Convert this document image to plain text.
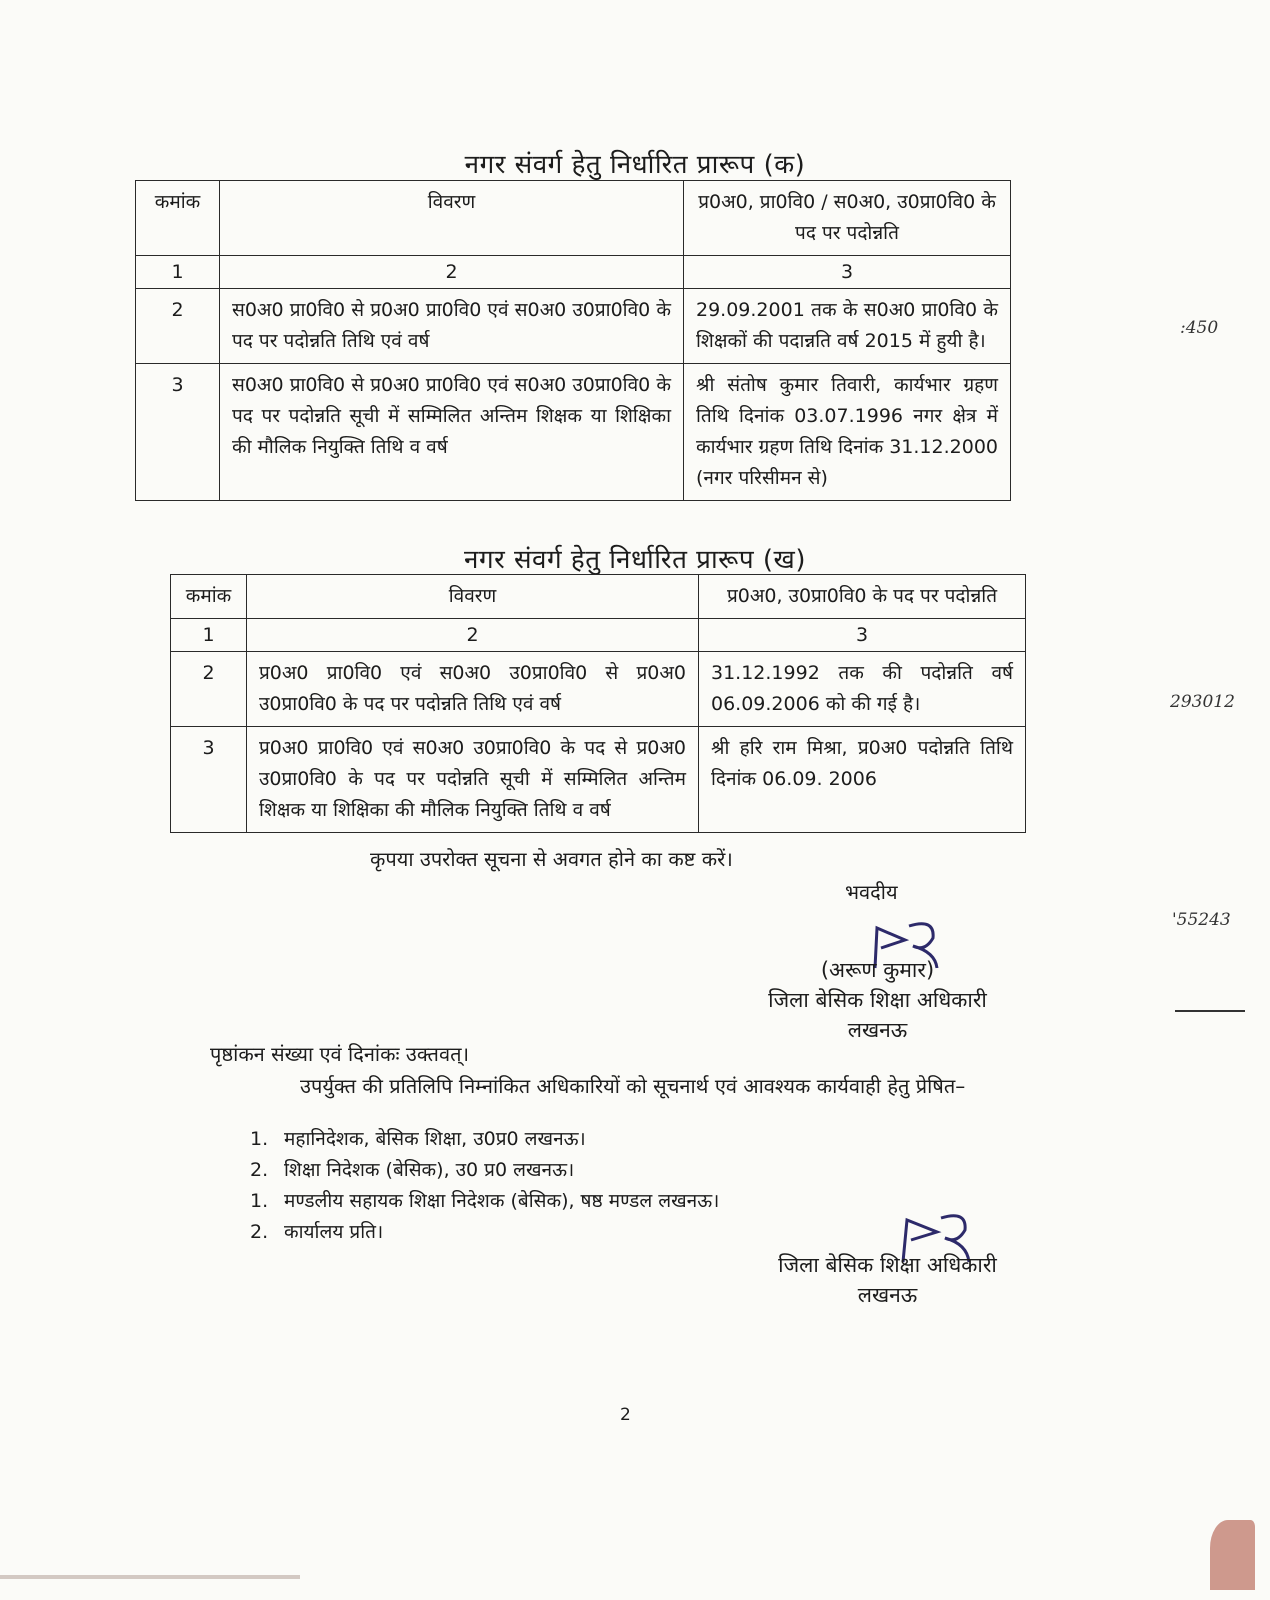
नगर संवर्ग हेतु निर्धारित प्रारूप (क)
कमांक	विवरण	प्र0अ0, प्रा0वि0 / स0अ0, उ0प्रा0वि0 के पद पर पदोन्नति
1	2	3
2	स0अ0 प्रा0वि0 से प्र0अ0 प्रा0वि0 एवं स0अ0 उ0प्रा0वि0 के पद पर पदोन्नति तिथि एवं वर्ष	29.09.2001 तक के स0अ0 प्रा0वि0 के शिक्षकों की पदान्नति वर्ष 2015 में हुयी है।
3	स0अ0 प्रा0वि0 से प्र0अ0 प्रा0वि0 एवं स0अ0 उ0प्रा0वि0 के पद पर पदोन्नति सूची में सम्मिलित अन्तिम शिक्षक या शिक्षिका की मौलिक नियुक्ति तिथि व वर्ष	श्री संतोष कुमार तिवारी, कार्यभार ग्रहण तिथि दिनांक 03.07.1996 नगर क्षेत्र में कार्यभार ग्रहण तिथि दिनांक 31.12.2000 (नगर परिसीमन से)
नगर संवर्ग हेतु निर्धारित प्रारूप (ख)
कमांक	विवरण	प्र0अ0, उ0प्रा0वि0 के पद पर पदोन्नति
1	2	3
2	प्र0अ0 प्रा0वि0 एवं स0अ0 उ0प्रा0वि0 से प्र0अ0 उ0प्रा0वि0 के पद पर पदोन्नति तिथि एवं वर्ष	31.12.1992 तक की पदोन्नति वर्ष 06.09.2006 को की गई है।
3	प्र0अ0 प्रा0वि0 एवं स0अ0 उ0प्रा0वि0 के पद से प्र0अ0 उ0प्रा0वि0 के पद पर पदोन्नति सूची में सम्मिलित अन्तिम शिक्षक या शिक्षिका की मौलिक नियुक्ति तिथि व वर्ष	श्री हरि राम मिश्रा, प्र0अ0 पदोन्नति तिथि दिनांक 06.09. 2006
कृपया उपरोक्त सूचना से अवगत होने का कष्ट करें।
भवदीय
(अरूण कुमार)
जिला बेसिक शिक्षा अधिकारी
लखनऊ
पृष्ठांकन संख्या एवं दिनांकः उक्तवत्।
उपर्युक्त की प्रतिलिपि निम्नांकित अधिकारियों को सूचनार्थ एवं आवश्यक कार्यवाही हेतु प्रेषित–
1. महानिदेशक, बेसिक शिक्षा, उ0प्र0 लखनऊ।
2. शिक्षा निदेशक (बेसिक), उ0 प्र0 लखनऊ।
1. मण्डलीय सहायक शिक्षा निदेशक (बेसिक), षष्ठ मण्डल लखनऊ।
2. कार्यालय प्रति।
जिला बेसिक शिक्षा अधिकारी
लखनऊ
2
:450
293012
'55243
